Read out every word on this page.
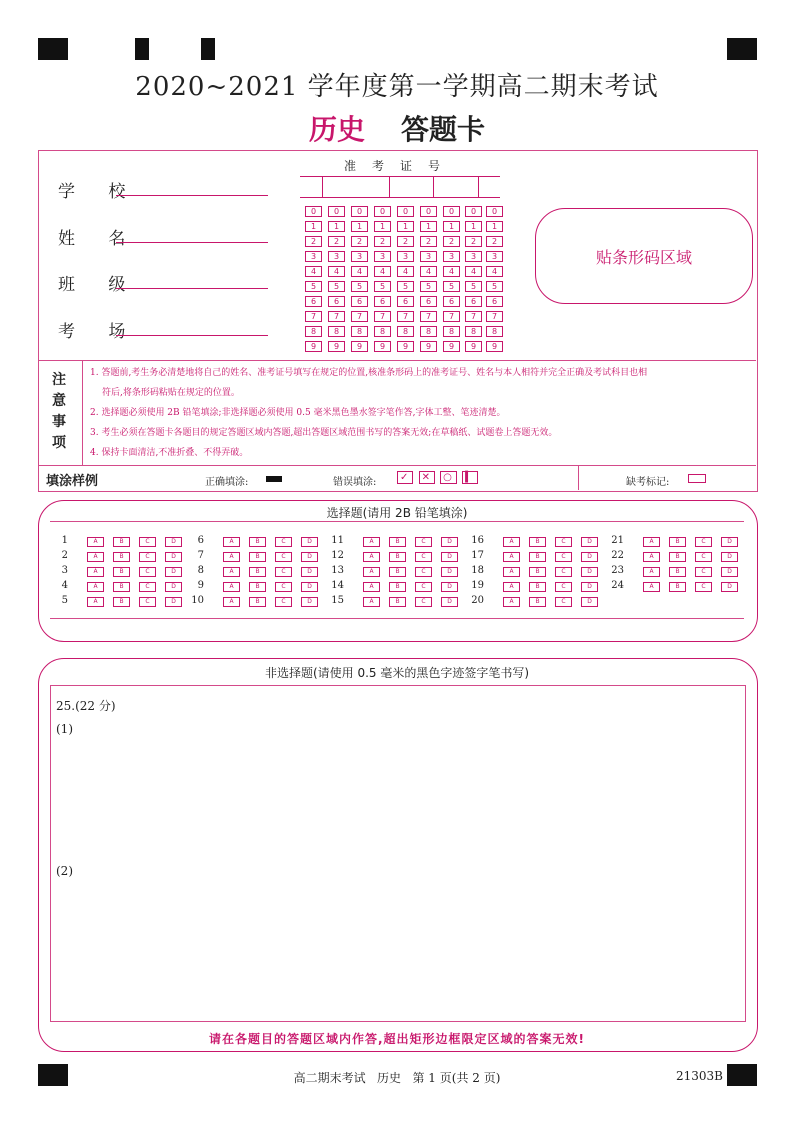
2020~2021 学年度第一学期高二期末考试
历史 答题卡
学 校
姓 名
班 级
考 场
准考证号
0	0	0	0	0	0	0	0	0
1	1	1	1	1	1	1	1	1
2	2	2	2	2	2	2	2	2
3	3	3	3	3	3	3	3	3
4	4	4	4	4	4	4	4	4
5	5	5	5	5	5	5	5	5
6	6	6	6	6	6	6	6	6
7	7	7	7	7	7	7	7	7
8	8	8	8	8	8	8	8	8
9	9	9	9	9	9	9	9	9
贴条形码区域
注
意
事
项
1. 答题前,考生务必清楚地将自己的姓名、准考证号填写在规定的位置,核准条形码上的准考证号、姓名与本人相符并完全正确及考试科目也相
符后,将条形码粘贴在规定的位置。
2. 选择题必须使用 2B 铅笔填涂;非选择题必须使用 0.5 毫米黑色墨水签字笔作答,字体工整、笔迹清楚。
3. 考生必须在答题卡各题目的规定答题区域内答题,超出答题区域范围书写的答案无效;在草稿纸、试题卷上答题无效。
4. 保持卡面清洁,不准折叠、不得弄破。
填涂样例	正确填涂:	错误填涂:	✓ ✕ ○ ▍	缺考标记:
选择题(请用 2B 铅笔填涂)
1	A	B	C	D
2	A	B	C	D
3	A	B	C	D
4	A	B	C	D
5	A	B	C	D
6	A	B	C	D
7	A	B	C	D
8	A	B	C	D
9	A	B	C	D
10	A	B	C	D
11	A	B	C	D
12	A	B	C	D
13	A	B	C	D
14	A	B	C	D
15	A	B	C	D
16	A	B	C	D
17	A	B	C	D
18	A	B	C	D
19	A	B	C	D
20	A	B	C	D
21	A	B	C	D
22	A	B	C	D
23	A	B	C	D
24	A	B	C	D
非选择题(请使用 0.5 毫米的黑色字迹签字笔书写)
25.(22 分)
(1)
(2)
请在各题目的答题区域内作答,超出矩形边框限定区域的答案无效!
高二期末考试   历史   第 1 页(共 2 页)	21303B
